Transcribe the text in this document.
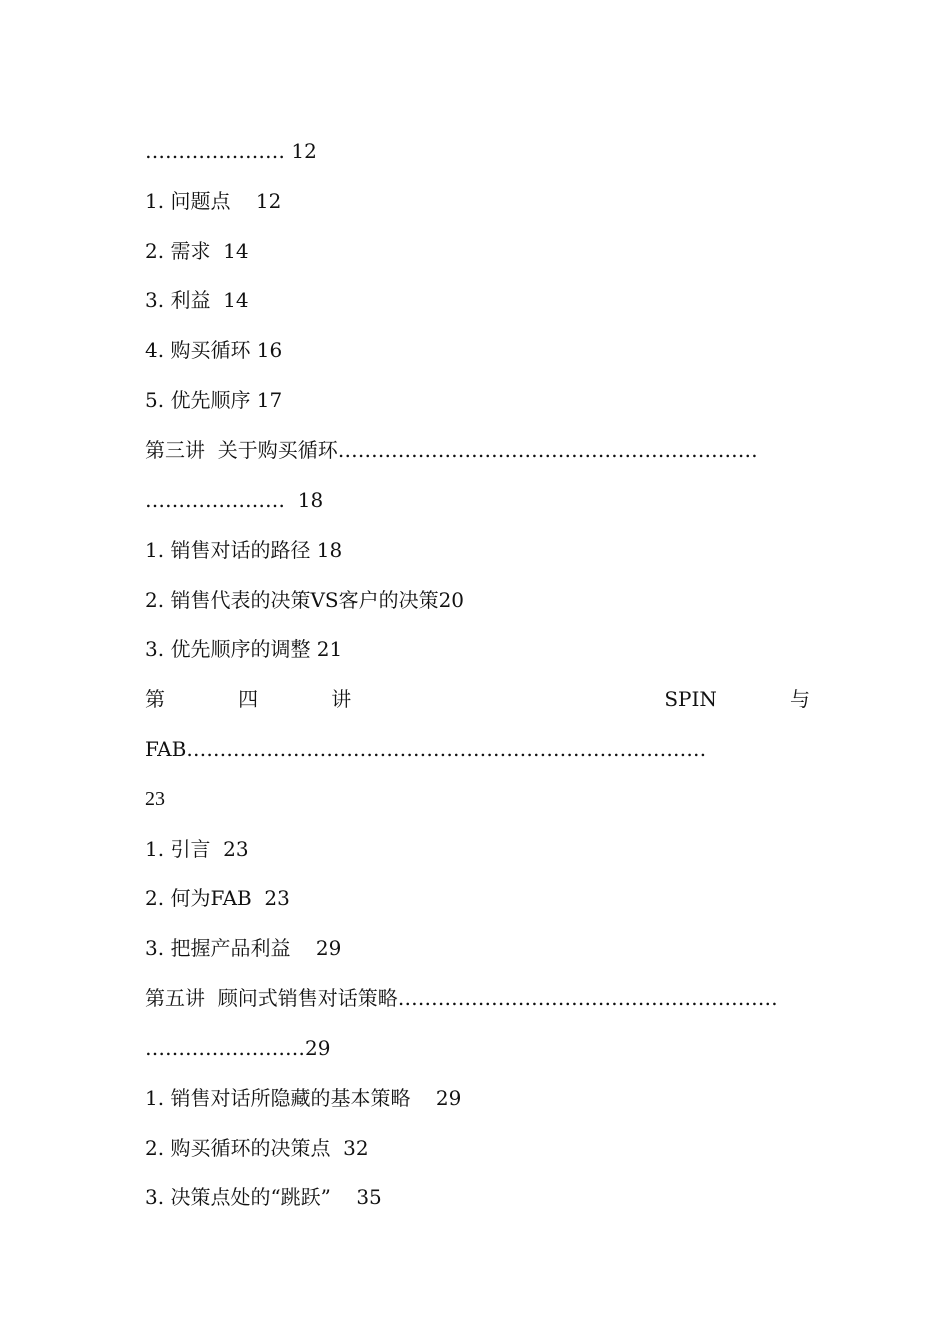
………………… 12
1. 问题点    12
2. 需求  14
3. 利益  14
4. 购买循环 16
5. 优先顺序 17
第三讲  关于购买循环………………………………………………………
…………………  18
1. 销售对话的路径 18
2. 销售代表的决策VS客户的决策20
3. 优先顺序的调整 21
第	四	讲	SPIN	与
FAB……………………………………………………………………
23
1. 引言  23
2. 何为FAB  23
3. 把握产品利益    29
第五讲  顾问式销售对话策略…………………………………………………
……………………29
1. 销售对话所隐藏的基本策略    29
2. 购买循环的决策点  32
3. 决策点处的“跳跃”    35
